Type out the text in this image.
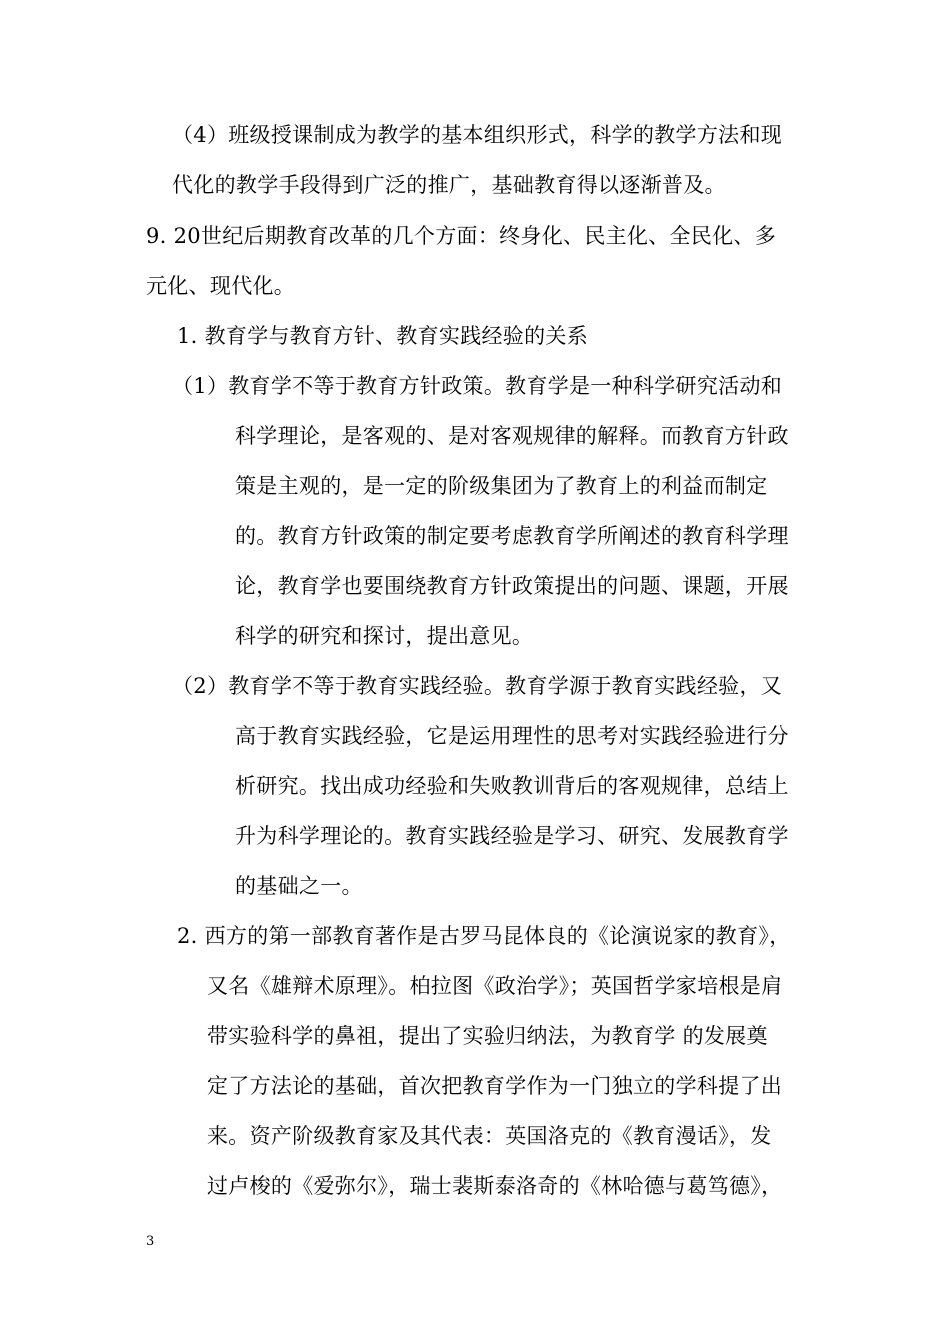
（4）班级授课制成为教学的基本组织形式，科学的教学方法和现
代化的教学手段得到广泛的推广，基础教育得以逐渐普及。
9. 20世纪后期教育改革的几个方面：终身化、民主化、全民化、多
元化、现代化。
1. 教育学与教育方针、教育实践经验的关系
（1）教育学不等于教育方针政策。教育学是一种科学研究活动和
科学理论，是客观的、是对客观规律的解释。而教育方针政
策是主观的，是一定的阶级集团为了教育上的利益而制定
的。教育方针政策的制定要考虑教育学所阐述的教育科学理
论，教育学也要围绕教育方针政策提出的问题、课题，开展
科学的研究和探讨，提出意见。
（2）教育学不等于教育实践经验。教育学源于教育实践经验，又
高于教育实践经验，它是运用理性的思考对实践经验进行分
析研究。找出成功经验和失败教训背后的客观规律，总结上
升为科学理论的。教育实践经验是学习、研究、发展教育学
的基础之一。
2. 西方的第一部教育著作是古罗马昆体良的《论演说家的教育》，
又名《雄辩术原理》。柏拉图《政治学》；英国哲学家培根是肩
带实验科学的鼻祖，提出了实验归纳法，为教育学 的发展奠
定了方法论的基础，首次把教育学作为一门独立的学科提了出
来。资产阶级教育家及其代表：英国洛克的《教育漫话》，发
过卢梭的《爱弥尔》，瑞士裴斯泰洛奇的《林哈德与葛笃德》，
3
